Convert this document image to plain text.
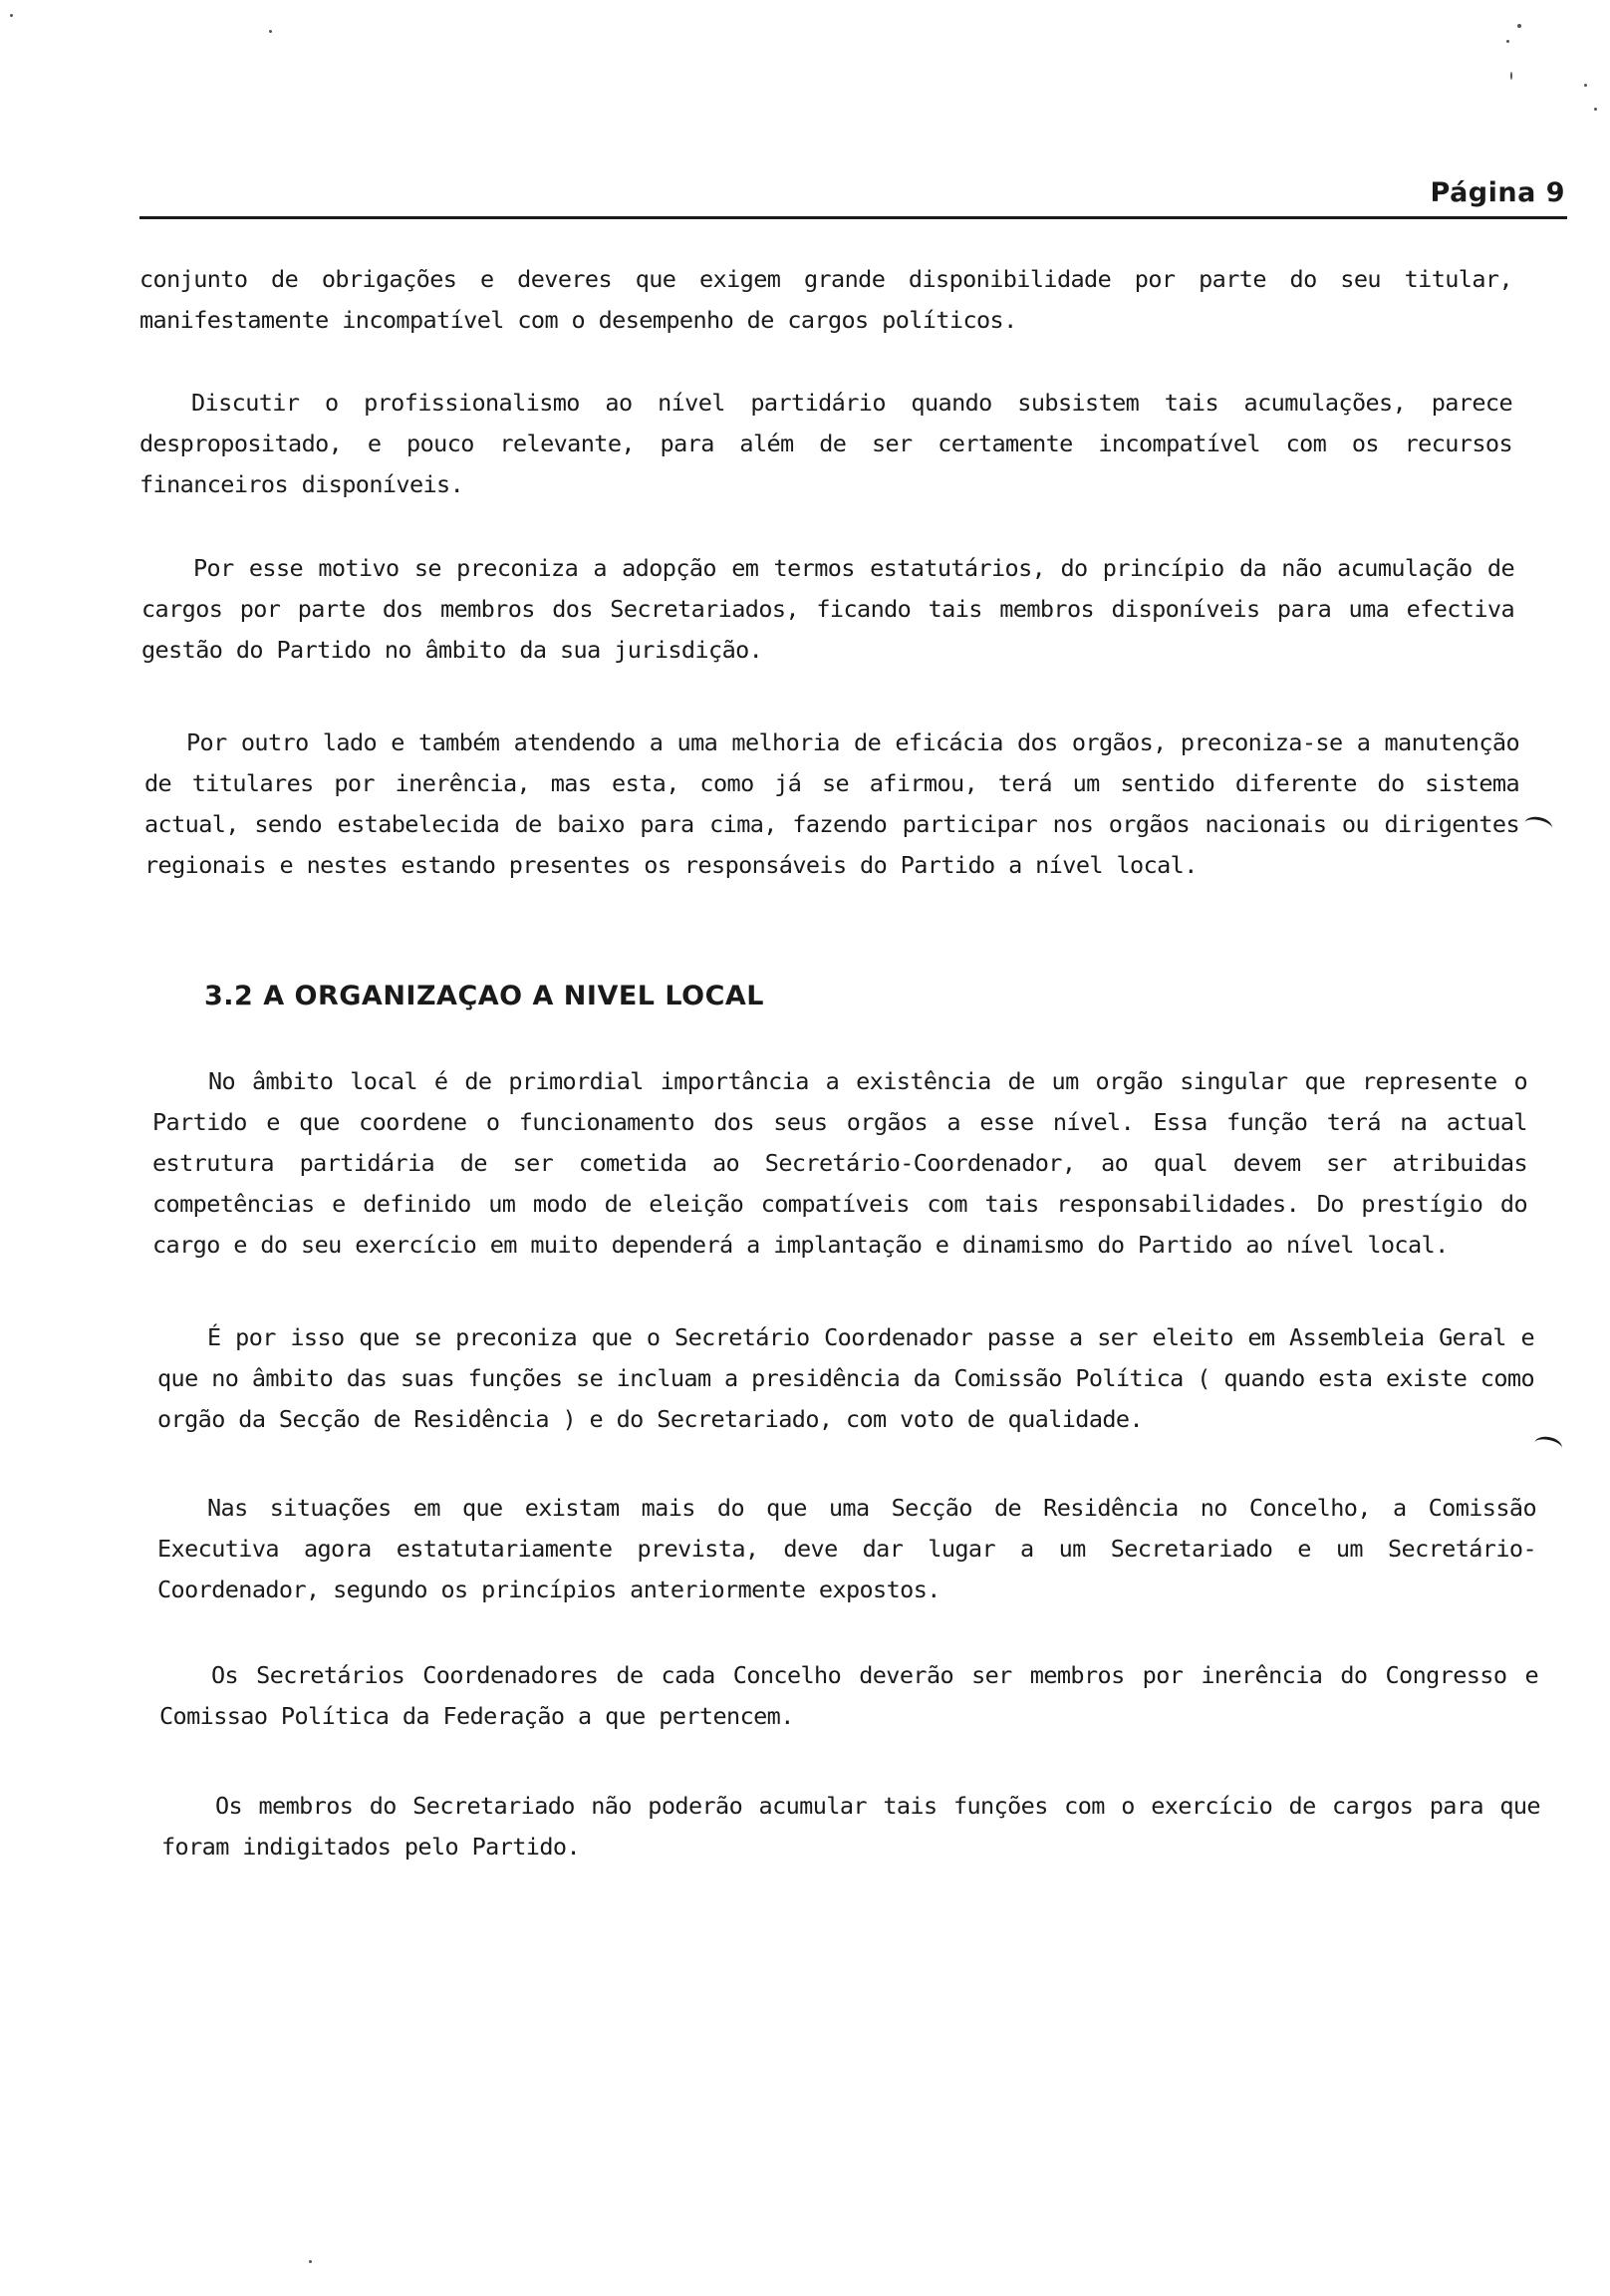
Página 9

conjunto de obrigações e deveres que exigem grande disponibilidade por parte do seu titular, manifestamente incompatível com o desempenho de cargos políticos.

Discutir o profissionalismo ao nível partidário quando subsistem tais acumulações, parece despropositado, e pouco relevante, para além de ser certamente incompatível com os recursos financeiros disponíveis.

Por esse motivo se preconiza a adopção em termos estatutários, do princípio da não acumulação de cargos por parte dos membros dos Secretariados, ficando tais membros disponíveis para uma efectiva gestão do Partido no âmbito da sua jurisdição.

Por outro lado e também atendendo a uma melhoria de eficácia dos orgãos, preconiza-se a manutenção de titulares por inerência, mas esta, como já se afirmou, terá um sentido diferente do sistema actual, sendo estabelecida de baixo para cima, fazendo participar nos orgãos nacionais ou dirigentes regionais e nestes estando presentes os responsáveis do Partido a nível local.

3.2 A ORGANIZAÇAO A NIVEL LOCAL

No âmbito local é de primordial importância a existência de um orgão singular que represente o Partido e que coordene o funcionamento dos seus orgãos a esse nível. Essa função terá na actual estrutura partidária de ser cometida ao Secretário-Coordenador, ao qual devem ser atribuidas competências e definido um modo de eleição compatíveis com tais responsabilidades. Do prestígio do cargo e do seu exercício em muito dependerá a implantação e dinamismo do Partido ao nível local.

É por isso que se preconiza que o Secretário Coordenador passe a ser eleito em Assembleia Geral e que no âmbito das suas funções se incluam a presidência da Comissão Política ( quando esta existe como orgão da Secção de Residência ) e do Secretariado, com voto de qualidade.

Nas situações em que existam mais do que uma Secção de Residência no Concelho, a Comissão Executiva agora estatutariamente prevista, deve dar lugar a um Secretariado e um Secretário-Coordenador, segundo os princípios anteriormente expostos.

Os Secretários Coordenadores de cada Concelho deverão ser membros por inerência do Congresso e Comissao Política da Federação a que pertencem.

Os membros do Secretariado não poderão acumular tais funções com o exercício de cargos para que foram indigitados pelo Partido.
